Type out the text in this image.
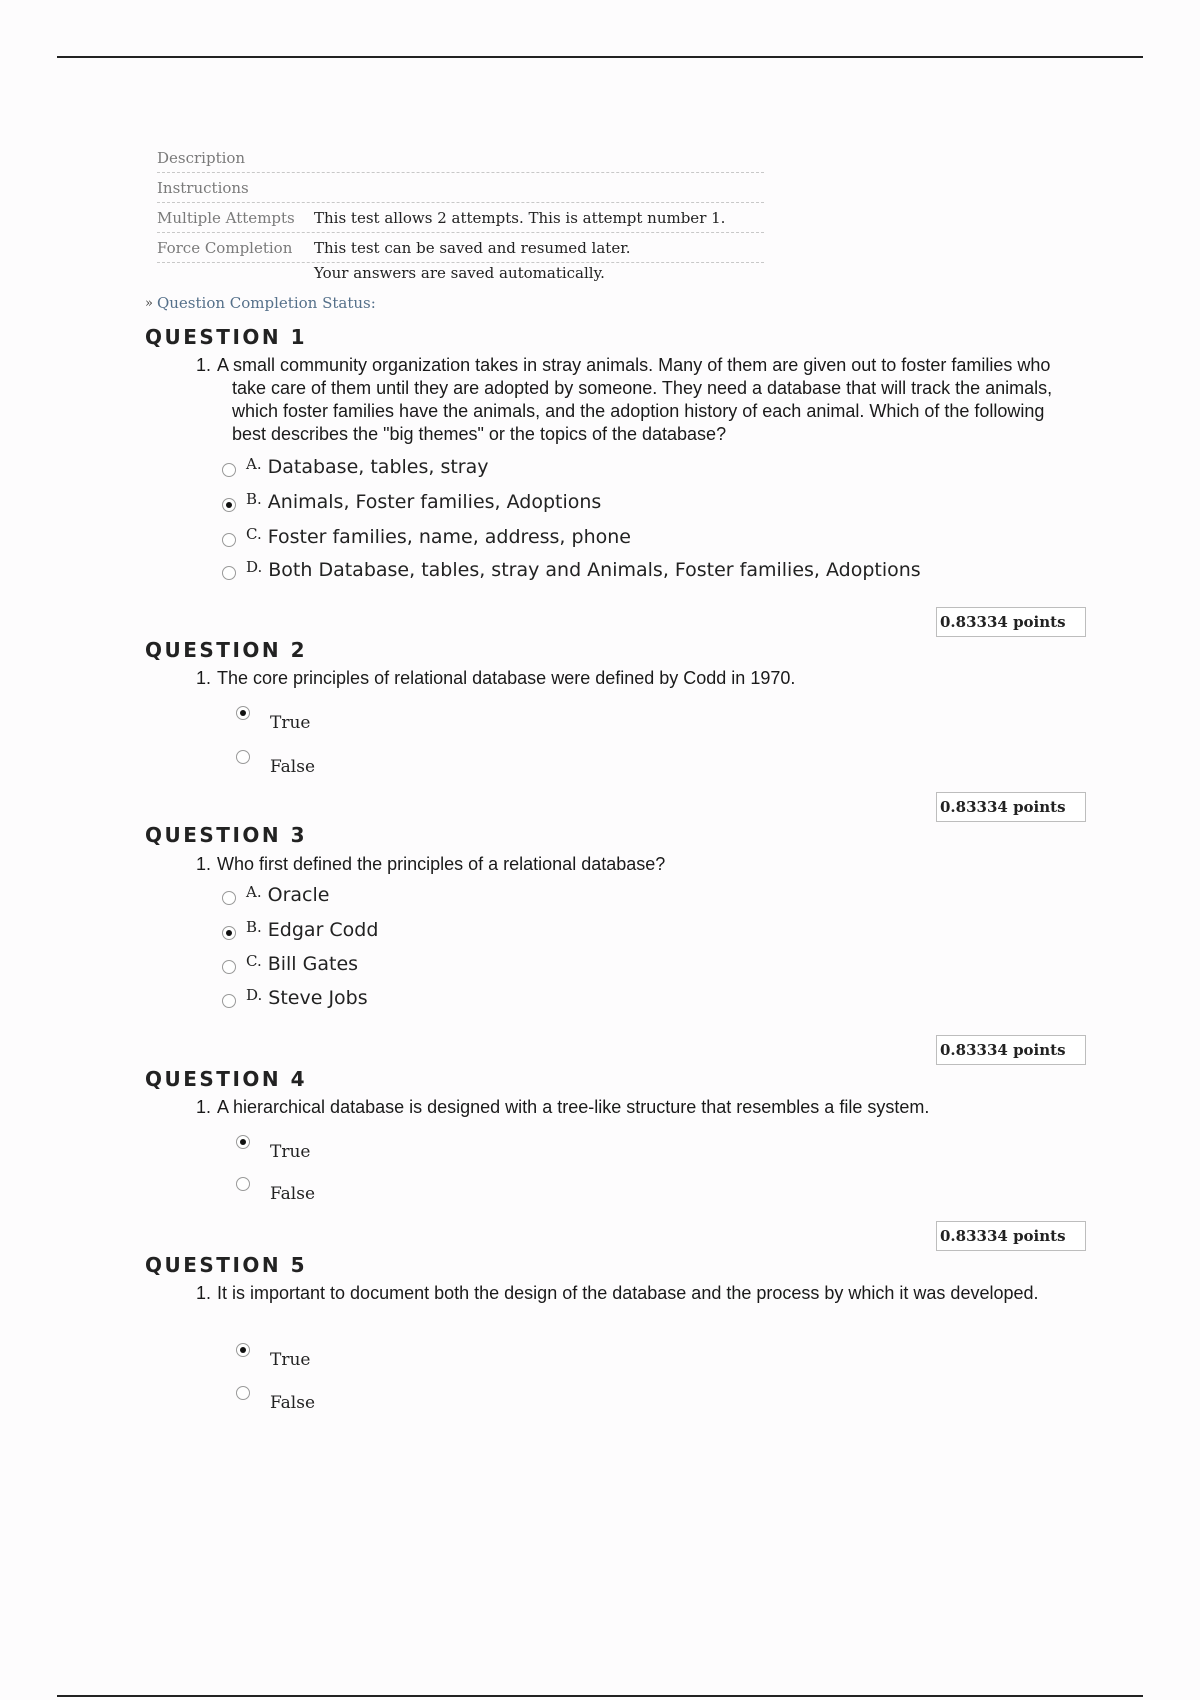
Description
Instructions
Multiple Attempts	This test allows 2 attempts. This is attempt number 1.
Force Completion	This test can be saved and resumed later.
Your answers are saved automatically.
» Question Completion Status:
QUESTION 1
1. A small community organization takes in stray animals. Many of them are given out to foster families who take care of them until they are adopted by someone. They need a database that will track the animals, which foster families have the animals, and the adoption history of each animal. Which of the following best describes the "big themes" or the topics of the database?
A. Database, tables, stray
B. Animals, Foster families, Adoptions
C. Foster families, name, address, phone
D. Both Database, tables, stray and Animals, Foster families, Adoptions
0.83334 points
QUESTION 2
1. The core principles of relational database were defined by Codd in 1970.
True
False
0.83334 points
QUESTION 3
1. Who first defined the principles of a relational database?
A. Oracle
B. Edgar Codd
C. Bill Gates
D. Steve Jobs
0.83334 points
QUESTION 4
1. A hierarchical database is designed with a tree-like structure that resembles a file system.
True
False
0.83334 points
QUESTION 5
1. It is important to document both the design of the database and the process by which it was developed.
True
False
